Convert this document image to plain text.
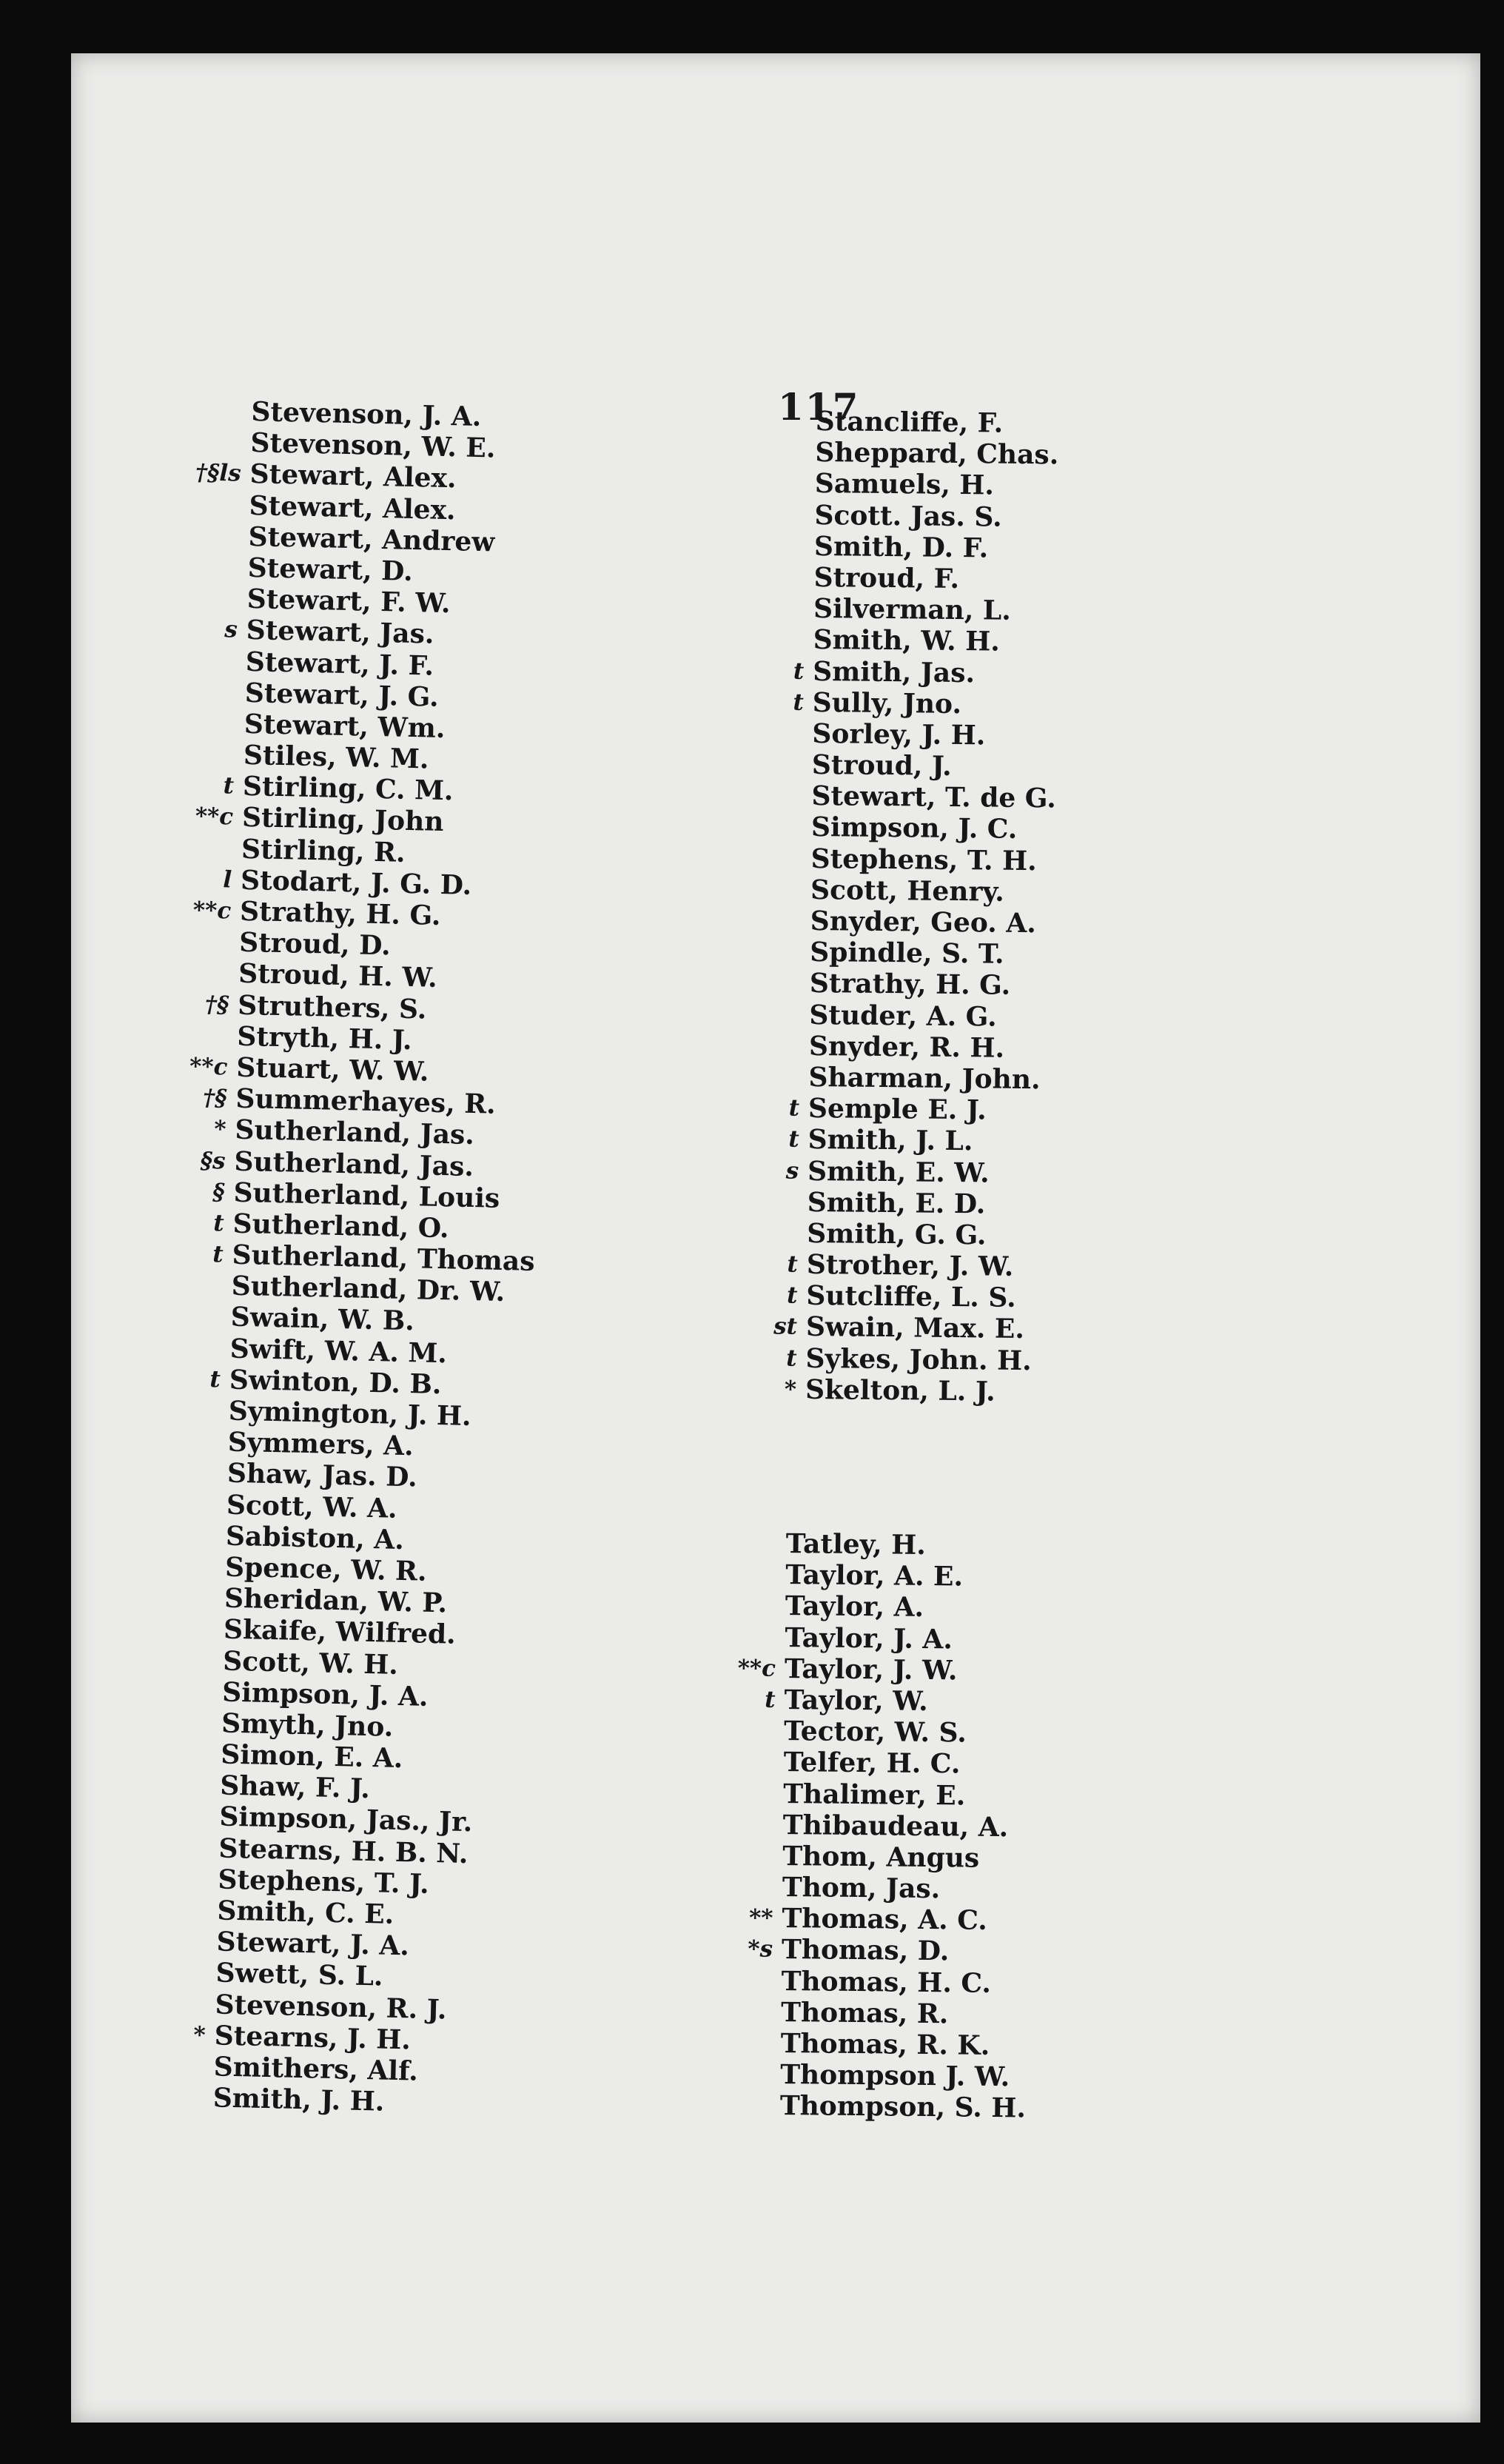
117
Stevenson, J. A.
Stevenson, W. E.
†§ls Stewart, Alex.
Stewart, Alex.
Stewart, Andrew
Stewart, D.
Stewart, F. W.
s Stewart, Jas.
Stewart, J. F.
Stewart, J. G.
Stewart, Wm.
Stiles, W. M.
t Stirling, C. M.
**c Stirling, John
Stirling, R.
l Stodart, J. G. D.
**c Strathy, H. G.
Stroud, D.
Stroud, H. W.
†§ Struthers, S.
Stryth, H. J.
**c Stuart, W. W.
†§ Summerhayes, R.
* Sutherland, Jas.
§s Sutherland, Jas.
§ Sutherland, Louis
t Sutherland, O.
t Sutherland, Thomas
Sutherland, Dr. W.
Swain, W. B.
Swift, W. A. M.
t Swinton, D. B.
Symington, J. H.
Symmers, A.
Shaw, Jas. D.
Scott, W. A.
Sabiston, A.
Spence, W. R.
Sheridan, W. P.
Skaife, Wilfred.
Scott, W. H.
Simpson, J. A.
Smyth, Jno.
Simon, E. A.
Shaw, F. J.
Simpson, Jas., Jr.
Stearns, H. B. N.
Stephens, T. J.
Smith, C. E.
Stewart, J. A.
Swett, S. L.
Stevenson, R. J.
* Stearns, J. H.
Smithers, Alf.
Smith, J. H.
Stancliffe, F.
Sheppard, Chas.
Samuels, H.
Scott. Jas. S.
Smith, D. F.
Stroud, F.
Silverman, L.
Smith, W. H.
t Smith, Jas.
t Sully, Jno.
Sorley, J. H.
Stroud, J.
Stewart, T. de G.
Simpson, J. C.
Stephens, T. H.
Scott, Henry.
Snyder, Geo. A.
Spindle, S. T.
Strathy, H. G.
Studer, A. G.
Snyder, R. H.
Sharman, John.
t Semple E. J.
t Smith, J. L.
s Smith, E. W.
Smith, E. D.
Smith, G. G.
t Strother, J. W.
t Sutcliffe, L. S.
st Swain, Max. E.
t Sykes, John. H.
* Skelton, L. J.
Tatley, H.
Taylor, A. E.
Taylor, A.
Taylor, J. A.
**c Taylor, J. W.
t Taylor, W.
Tector, W. S.
Telfer, H. C.
Thalimer, E.
Thibaudeau, A.
Thom, Angus
Thom, Jas.
** Thomas, A. C.
*s Thomas, D.
Thomas, H. C.
Thomas, R.
Thomas, R. K.
Thompson J. W.
Thompson, S. H.
